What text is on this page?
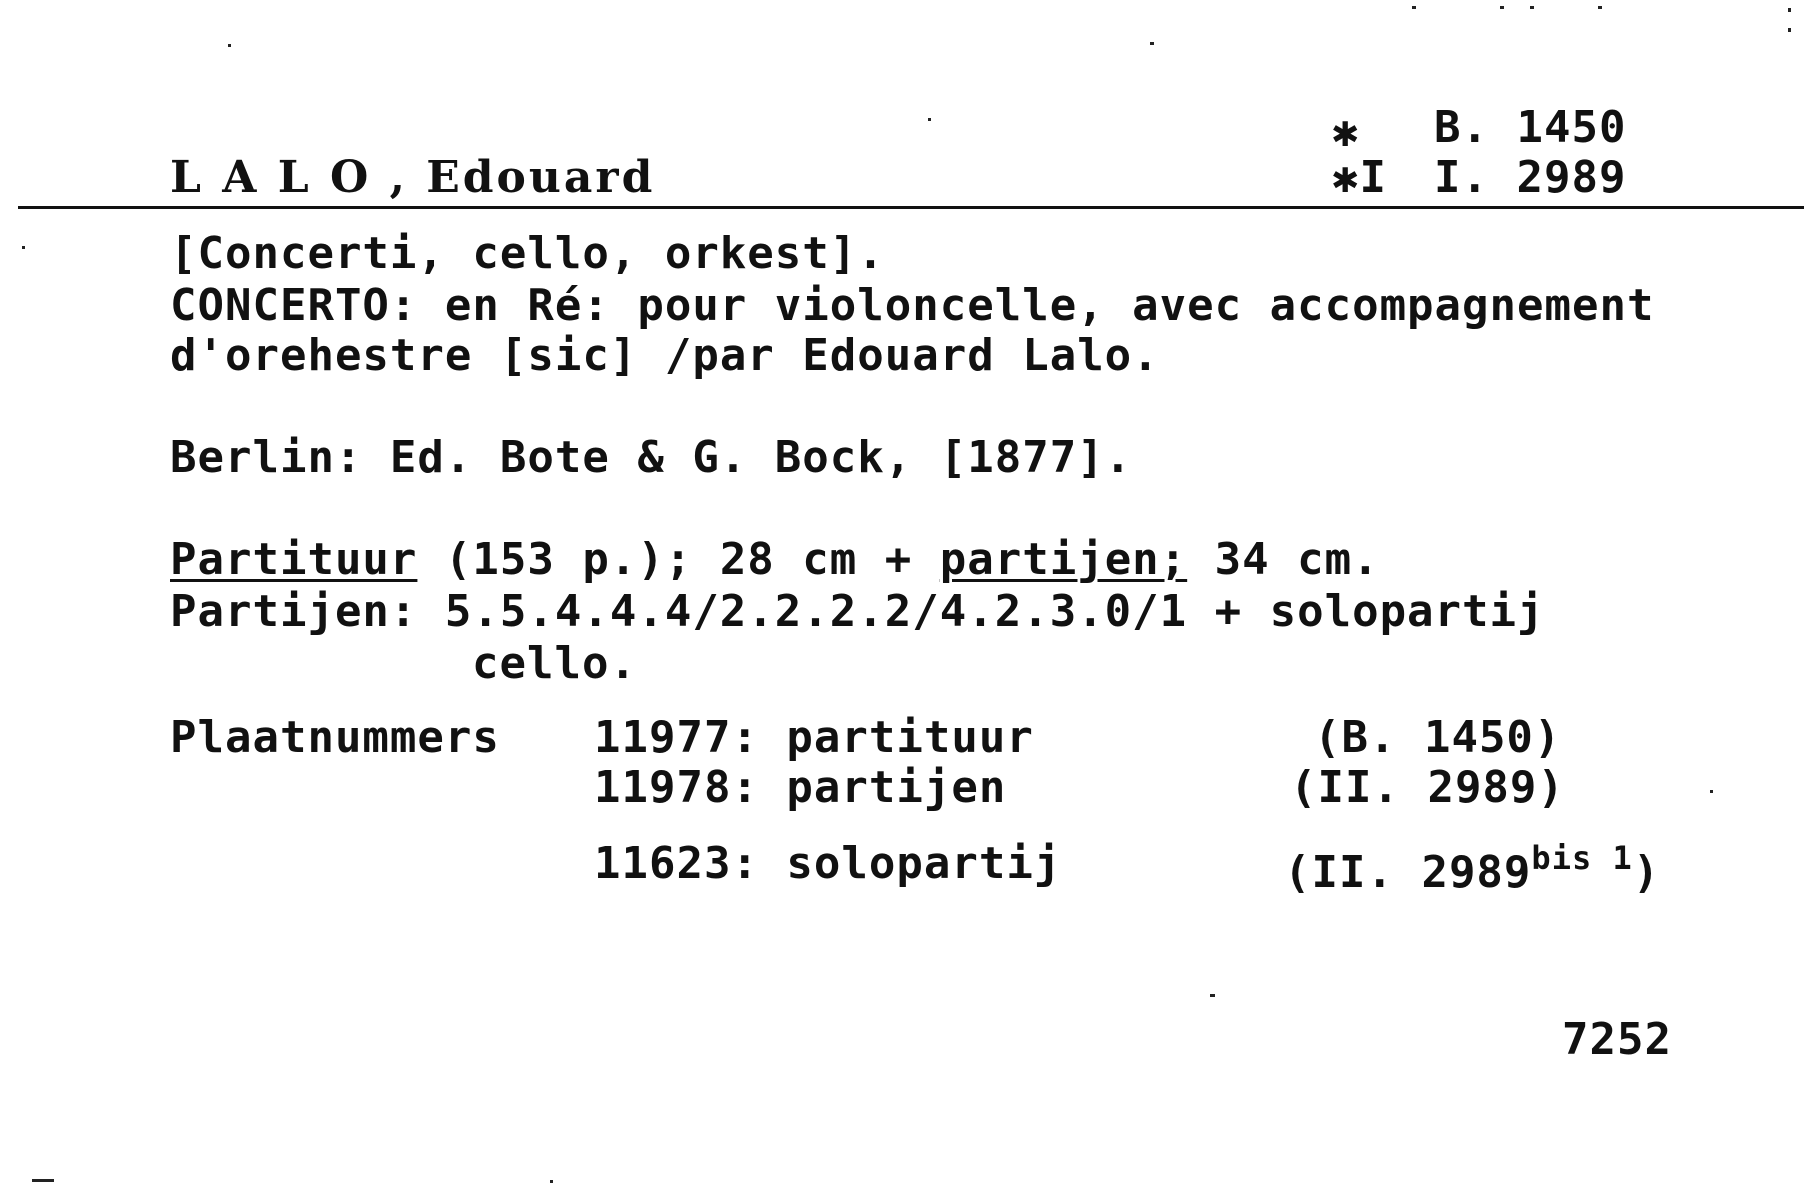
L A L O , Edouard
✱ B. 1450
✱I I. 2989
[Concerti, cello, orkest].
CONCERTO: en Ré: pour violoncelle, avec accompagnement
d'orehestre [sic] /par Edouard Lalo.
Berlin: Ed. Bote & G. Bock, [1877].
Partituur (153 p.); 28 cm + partijen; 34 cm.
Partijen: 5.5.4.4.4/2.2.2.2/4.2.3.0/1 + solopartij
cello.
Plaatnummers 11977: partituur	(B. 1450)
11978: partijen	(II. 2989)
11623: solopartij	(II. $2989^{bis 1}$)
7252
